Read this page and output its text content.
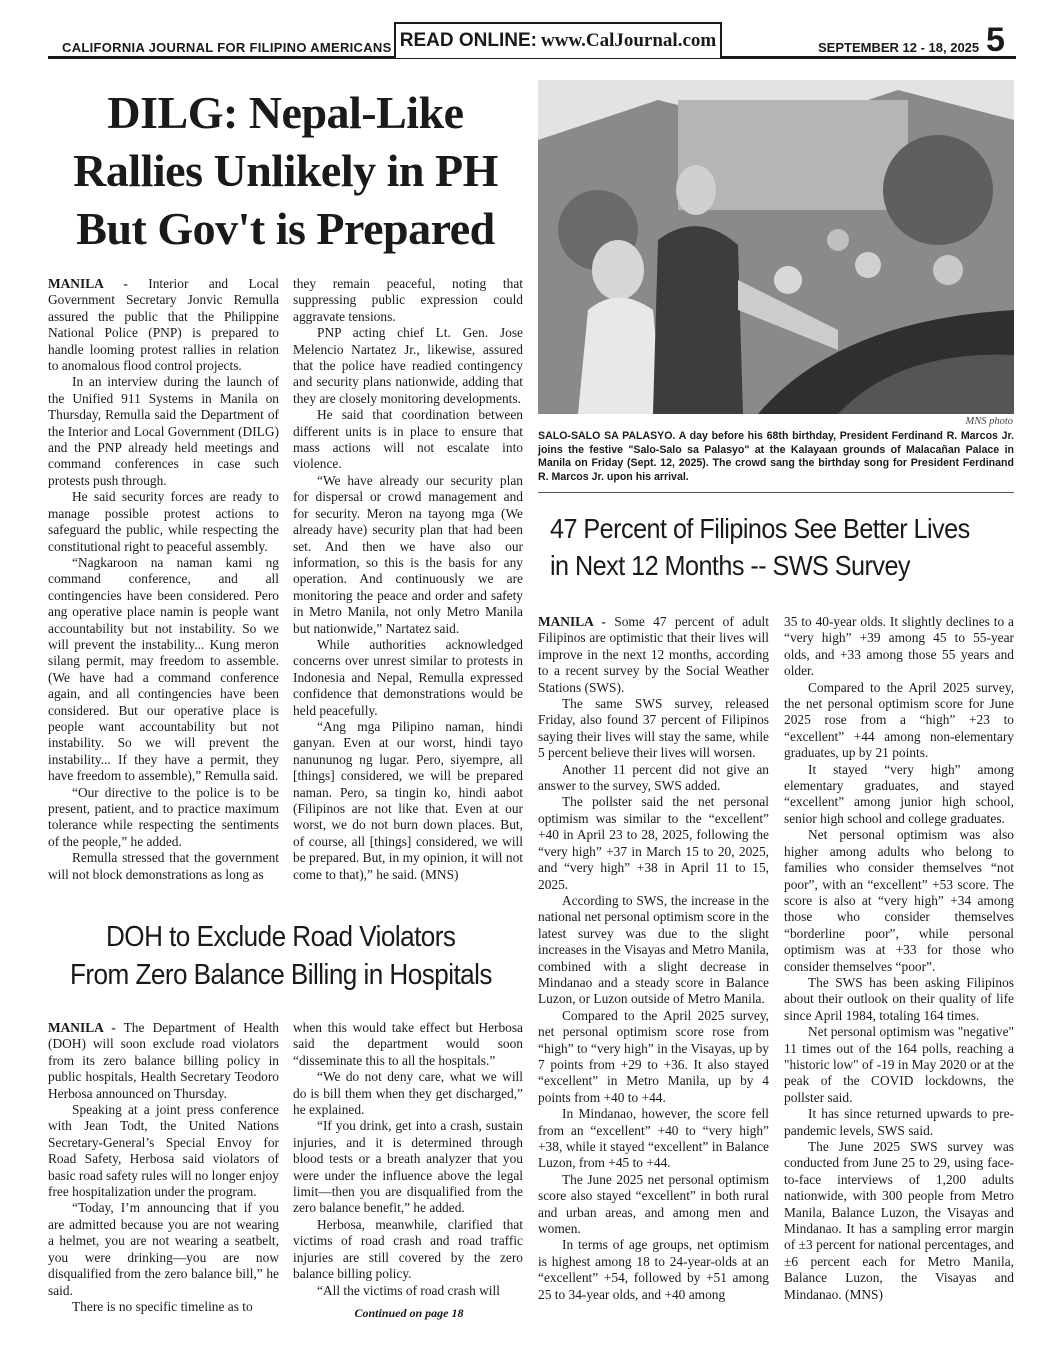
CALIFORNIA JOURNAL FOR FILIPINO AMERICANS READ ONLINE: www.CalJournal.com	SEPTEMBER 12 - 18, 2025 5
DILG: Nepal-Like
Rallies Unlikely in PH
But Gov't is Prepared

MANILA - Interior and Local Government Secretary Jonvic Remulla assured the public that the Philippine National Police (PNP) is prepared to handle looming protest rallies in relation to anomalous flood control projects.

In an interview during the launch of the Unified 911 Systems in Manila on Thursday, Remulla said the Department of the Interior and Local Government (DILG) and the PNP already held meetings and command conferences in case such protests push through.

He said security forces are ready to manage possible protest actions to safeguard the public, while respecting the constitutional right to peaceful assembly.

“Nagkaroon na naman kami ng command conference, and all contingencies have been considered. Pero ang operative place namin is people want accountability but not instability. So we will prevent the instability... Kung meron silang permit, may freedom to assemble. (We have had a command conference again, and all contingencies have been considered. But our operative place is people want accountability but not instability. So we will prevent the instability... If they have a permit, they have freedom to assemble),” Remulla said.

“Our directive to the police is to be present, patient, and to practice maximum tolerance while respecting the sentiments of the people,” he added.

Remulla stressed that the government will not block demonstrations as long as

they remain peaceful, noting that suppressing public expression could aggravate tensions.

PNP acting chief Lt. Gen. Jose Melencio Nartatez Jr., likewise, assured that the police have readied contingency and security plans nationwide, adding that they are closely monitoring developments.

He said that coordination between different units is in place to ensure that mass actions will not escalate into violence.

“We have already our security plan for dispersal or crowd management and for security. Meron na tayong mga (We already have) security plan that had been set. And then we have also our information, so this is the basis for any operation. And continuously we are monitoring the peace and order and safety in Metro Manila, not only Metro Manila but nationwide,” Nartatez said.

While authorities acknowledged concerns over unrest similar to protests in Indonesia and Nepal, Remulla expressed confidence that demonstrations would be held peacefully.

“Ang mga Pilipino naman, hindi ganyan. Even at our worst, hindi tayo nanununog ng lugar. Pero, siyempre, all [things] considered, we will be prepared naman. Pero, sa tingin ko, hindi aabot (Filipinos are not like that. Even at our worst, we do not burn down places. But, of course, all [things] considered, we will be prepared. But, in my opinion, it will not come to that),” he said. (MNS)

MNS photo
SALO-SALO SA PALASYO. A day before his 68th birthday, President Ferdinand R. Marcos Jr. joins the festive "Salo-Salo sa Palasyo" at the Kalayaan grounds of Malacañan Palace in Manila on Friday (Sept. 12, 2025). The crowd sang the birthday song for President Ferdinand R. Marcos Jr. upon his arrival.
47 Percent of Filipinos See Better Lives
in Next 12 Months -- SWS Survey

MANILA - Some 47 percent of adult Filipinos are optimistic that their lives will improve in the next 12 months, according to a recent survey by the Social Weather Stations (SWS).

The same SWS survey, released Friday, also found 37 percent of Filipinos saying their lives will stay the same, while 5 percent believe their lives will worsen.

Another 11 percent did not give an answer to the survey, SWS added.

The pollster said the net personal optimism was similar to the “excellent” +40 in April 23 to 28, 2025, following the “very high” +37 in March 15 to 20, 2025, and “very high” +38 in April 11 to 15, 2025.

According to SWS, the increase in the national net personal optimism score in the latest survey was due to the slight increases in the Visayas and Metro Manila, combined with a slight decrease in Mindanao and a steady score in Balance Luzon, or Luzon outside of Metro Manila.

Compared to the April 2025 survey, net personal optimism score rose from “high” to “very high” in the Visayas, up by 7 points from +29 to +36. It also stayed “excellent” in Metro Manila, up by 4 points from +40 to +44.

In Mindanao, however, the score fell from an “excellent” +40 to “very high” +38, while it stayed “excellent” in Balance Luzon, from +45 to +44.

The June 2025 net personal optimism score also stayed “excellent” in both rural and urban areas, and among men and women.

In terms of age groups, net optimism is highest among 18 to 24-year-olds at an “excellent” +54, followed by +51 among 25 to 34-year olds, and +40 among

35 to 40-year olds. It slightly declines to a “very high” +39 among 45 to 55-year olds, and +33 among those 55 years and older.

Compared to the April 2025 survey, the net personal optimism score for June 2025 rose from a “high” +23 to “excellent” +44 among non-elementary graduates, up by 21 points.

It stayed “very high” among elementary graduates, and stayed “excellent” among junior high school, senior high school and college graduates.

Net personal optimism was also higher among adults who belong to families who consider themselves “not poor”, with an “excellent” +53 score. The score is also at “very high” +34 among those who consider themselves “borderline poor”, while personal optimism was at +33 for those who consider themselves “poor”.

The SWS has been asking Filipinos about their outlook on their quality of life since April 1984, totaling 164 times.

Net personal optimism was "negative" 11 times out of the 164 polls, reaching a "historic low" of -19 in May 2020 or at the peak of the COVID lockdowns, the pollster said.

It has since returned upwards to pre-pandemic levels, SWS said.

The June 2025 SWS survey was conducted from June 25 to 29, using face-to-face interviews of 1,200 adults nationwide, with 300 people from Metro Manila, Balance Luzon, the Visayas and Mindanao. It has a sampling error margin of ±3 percent for national percentages, and ±6 percent each for Metro Manila, Balance Luzon, the Visayas and Mindanao. (MNS)

DOH to Exclude Road Violators
From Zero Balance Billing in Hospitals

MANILA - The Department of Health (DOH) will soon exclude road violators from its zero balance billing policy in public hospitals, Health Secretary Teodoro Herbosa announced on Thursday.

Speaking at a joint press conference with Jean Todt, the United Nations Secretary-General’s Special Envoy for Road Safety, Herbosa said violators of basic road safety rules will no longer enjoy free hospitalization under the program.

“Today, I’m announcing that if you are admitted because you are not wearing a helmet, you are not wearing a seatbelt, you were drinking—you are now disqualified from the zero balance bill,” he said.

There is no specific timeline as to

when this would take effect but Herbosa said the department would soon “disseminate this to all the hospitals.”

“We do not deny care, what we will do is bill them when they get discharged,” he explained.

“If you drink, get into a crash, sustain injuries, and it is determined through blood tests or a breath analyzer that you were under the influence above the legal limit—then you are disqualified from the zero balance benefit,” he added.

Herbosa, meanwhile, clarified that victims of road crash and road traffic injuries are still covered by the zero balance billing policy.

“All the victims of road crash will

Continued on page 18
